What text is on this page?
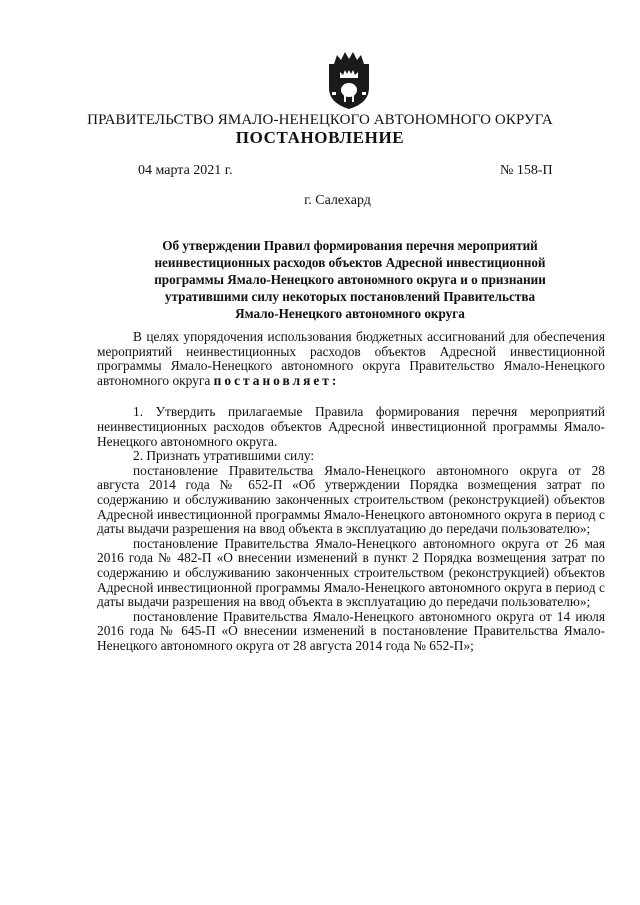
ПРАВИТЕЛЬСТВО ЯМАЛО-НЕНЕЦКОГО АВТОНОМНОГО ОКРУГА
ПОСТАНОВЛЕНИЕ
04 марта 2021 г.	№ 158-П
г. Салехард
Об утверждении Правил формирования перечня мероприятий
неинвестиционных расходов объектов Адресной инвестиционной
программы Ямало-Ненецкого автономного округа и о признании
утратившими силу некоторых постановлений Правительства
Ямало-Ненецкого автономного округа

В целях упорядочения использования бюджетных ассигнований для обеспечения мероприятий неинвестиционных расходов объектов Адресной инвестиционной программы Ямало-Ненецкого автономного округа Правительство Ямало-Ненецкого автономного округа постановляет:

1. Утвердить прилагаемые Правила формирования перечня мероприятий неинвестиционных расходов объектов Адресной инвестиционной программы Ямало-Ненецкого автономного округа.

2. Признать утратившими силу:

постановление Правительства Ямало-Ненецкого автономного округа от 28 августа 2014 года № 652-П «Об утверждении Порядка возмещения затрат по содержанию и обслуживанию законченных строительством (реконструкцией) объектов Адресной инвестиционной программы Ямало-Ненецкого автономного округа в период с даты выдачи разрешения на ввод объекта в эксплуатацию до передачи пользователю»;

постановление Правительства Ямало-Ненецкого автономного округа от 26 мая 2016 года № 482-П «О внесении изменений в пункт 2 Порядка возмещения затрат по содержанию и обслуживанию законченных строительством (реконструкцией) объектов Адресной инвестиционной программы Ямало-Ненецкого автономного округа в период с даты выдачи разрешения на ввод объекта в эксплуатацию до передачи пользователю»;

постановление Правительства Ямало-Ненецкого автономного округа от 14 июля 2016 года № 645-П «О внесении изменений в постановление Правительства Ямало-Ненецкого автономного округа от 28 августа 2014 года № 652-П»;
